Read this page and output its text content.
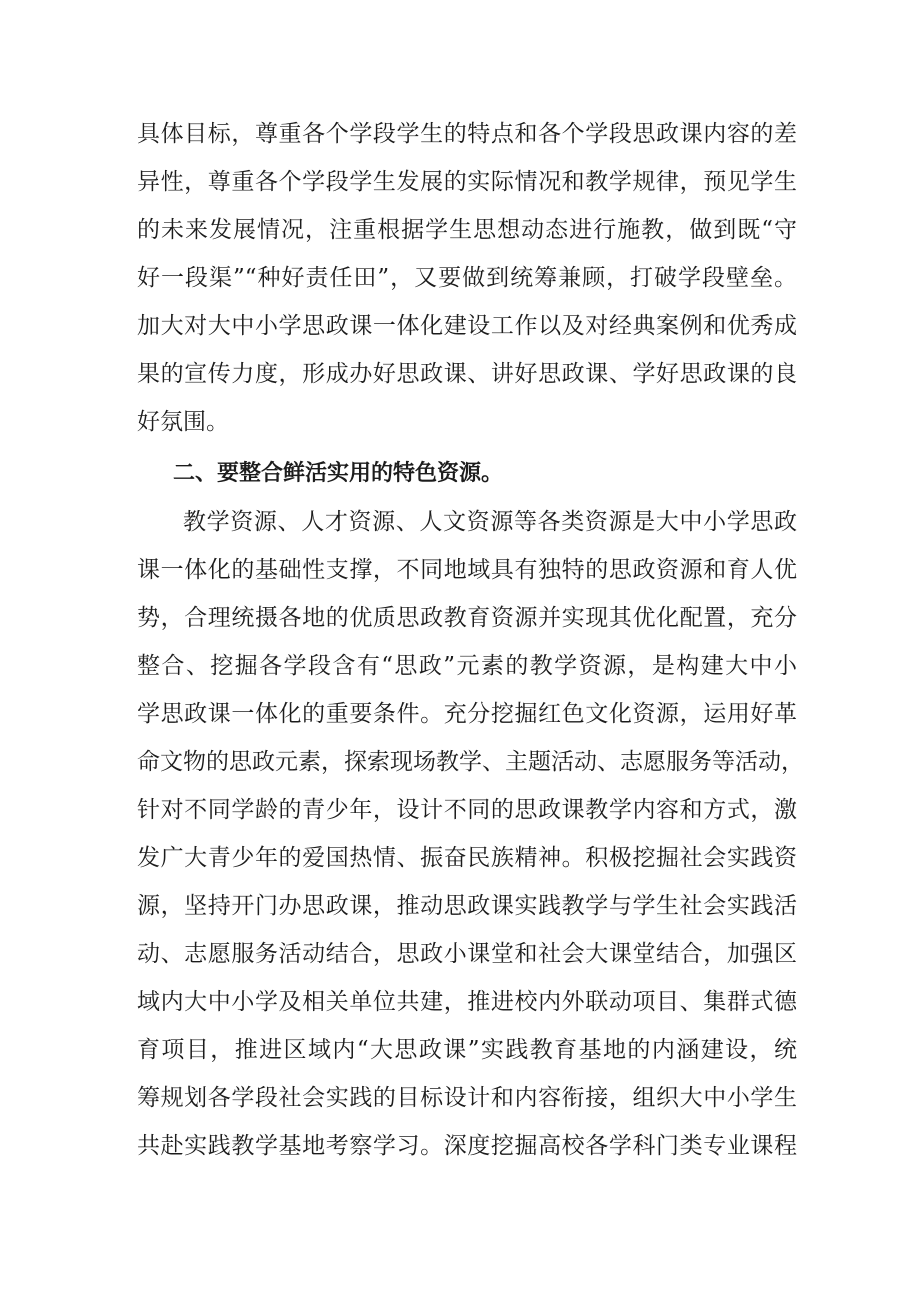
具体目标，尊重各个学段学生的特点和各个学段思政课内容的差
异性，尊重各个学段学生发展的实际情况和教学规律，预见学生
的未来发展情况，注重根据学生思想动态进行施教，做到既“守
好一段渠”“种好责任田”，又要做到统筹兼顾，打破学段壁垒。
加大对大中小学思政课一体化建设工作以及对经典案例和优秀成
果的宣传力度，形成办好思政课、讲好思政课、学好思政课的良
好氛围。
二、要整合鲜活实用的特色资源。
教学资源、人才资源、人文资源等各类资源是大中小学思政
课一体化的基础性支撑，不同地域具有独特的思政资源和育人优
势，合理统摄各地的优质思政教育资源并实现其优化配置，充分
整合、挖掘各学段含有“思政”元素的教学资源，是构建大中小
学思政课一体化的重要条件。充分挖掘红色文化资源，运用好革
命文物的思政元素，探索现场教学、主题活动、志愿服务等活动，
针对不同学龄的青少年，设计不同的思政课教学内容和方式，激
发广大青少年的爱国热情、振奋民族精神。积极挖掘社会实践资
源，坚持开门办思政课，推动思政课实践教学与学生社会实践活
动、志愿服务活动结合，思政小课堂和社会大课堂结合，加强区
域内大中小学及相关单位共建，推进校内外联动项目、集群式德
育项目，推进区域内“大思政课”实践教育基地的内涵建设，统
筹规划各学段社会实践的目标设计和内容衔接，组织大中小学生
共赴实践教学基地考察学习。深度挖掘高校各学科门类专业课程
